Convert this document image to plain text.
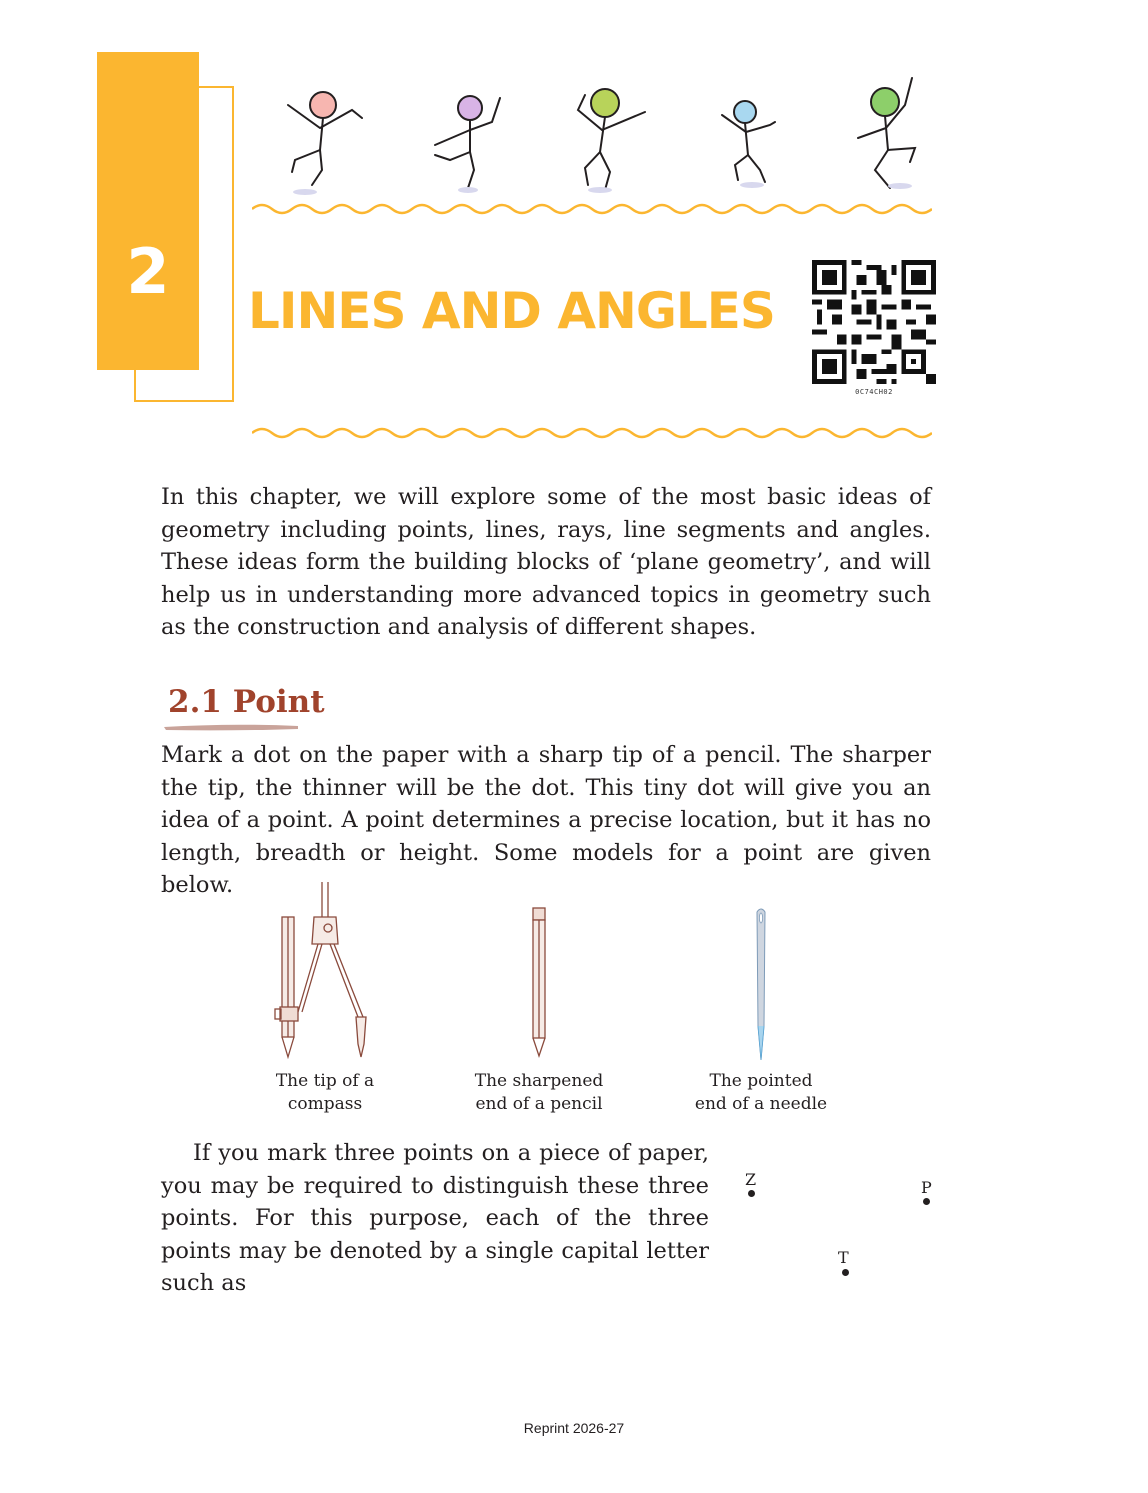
2
LINES AND ANGLES
0C74CH02

In this chapter, we will explore some of the most basic ideas of geometry including points, lines, rays, line segments and angles. These ideas form the building blocks of ‘plane geometry’, and will help us in understanding more advanced topics in geometry such as the construction and analysis of different shapes.

2.1 Point

Mark a dot on the paper with a sharp tip of a pencil. The sharper the tip, the thinner will be the dot. This tiny dot will give you an idea of a point. A point determines a precise location, but it has no length, breadth or height. Some models for a point are given below.

The tip of a
compass
The sharpened
end of a pencil
The pointed
end of a needle

If you mark three points on a piece of paper, you may be required to distinguish these three points. For this purpose, each of the three points may be denoted by a single capital letter such as

Z	P
T
Reprint 2026-27
